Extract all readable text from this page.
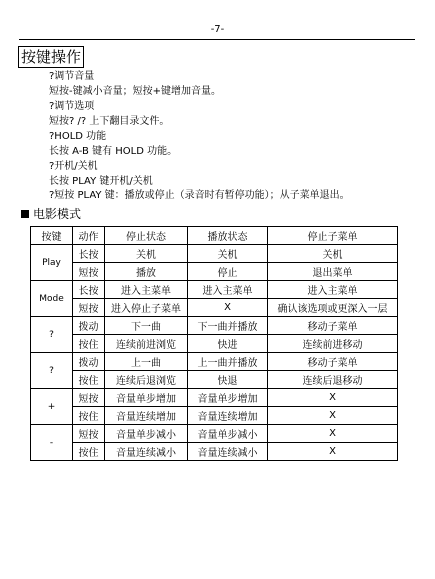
-7-
按键操作
?调节音量
短按-键减小音量；短按+键增加音量。
?调节选项
短按? /? 上下翻目录文件。
?HOLD 功能
长按 A-B 键有 HOLD 功能。
?开机/关机
长按 PLAY 键开机/关机
?短按 PLAY 键：播放或停止（录音时有暂停功能）；从子菜单退出。
电影模式
按键	动作	停止状态	播放状态	停止子菜单
Play	长按	关机	关机	关机
	短按	播放	停止	退出菜单
Mode	长按	进入主菜单	进入主菜单	进入主菜单
	短按	进入停止子菜单	X	确认该选项或更深入一层
?	拨动	下一曲	下一曲并播放	移动子菜单
	按住	连续前进浏览	快进	连续前进移动
?	拨动	上一曲	上一曲并播放	移动子菜单
	按住	连续后退浏览	快退	连续后退移动
+	短按	音量单步增加	音量单步增加	X
	按住	音量连续增加	音量连续增加	X
-	短按	音量单步减小	音量单步减小	X
	按住	音量连续减小	音量连续减小	X
